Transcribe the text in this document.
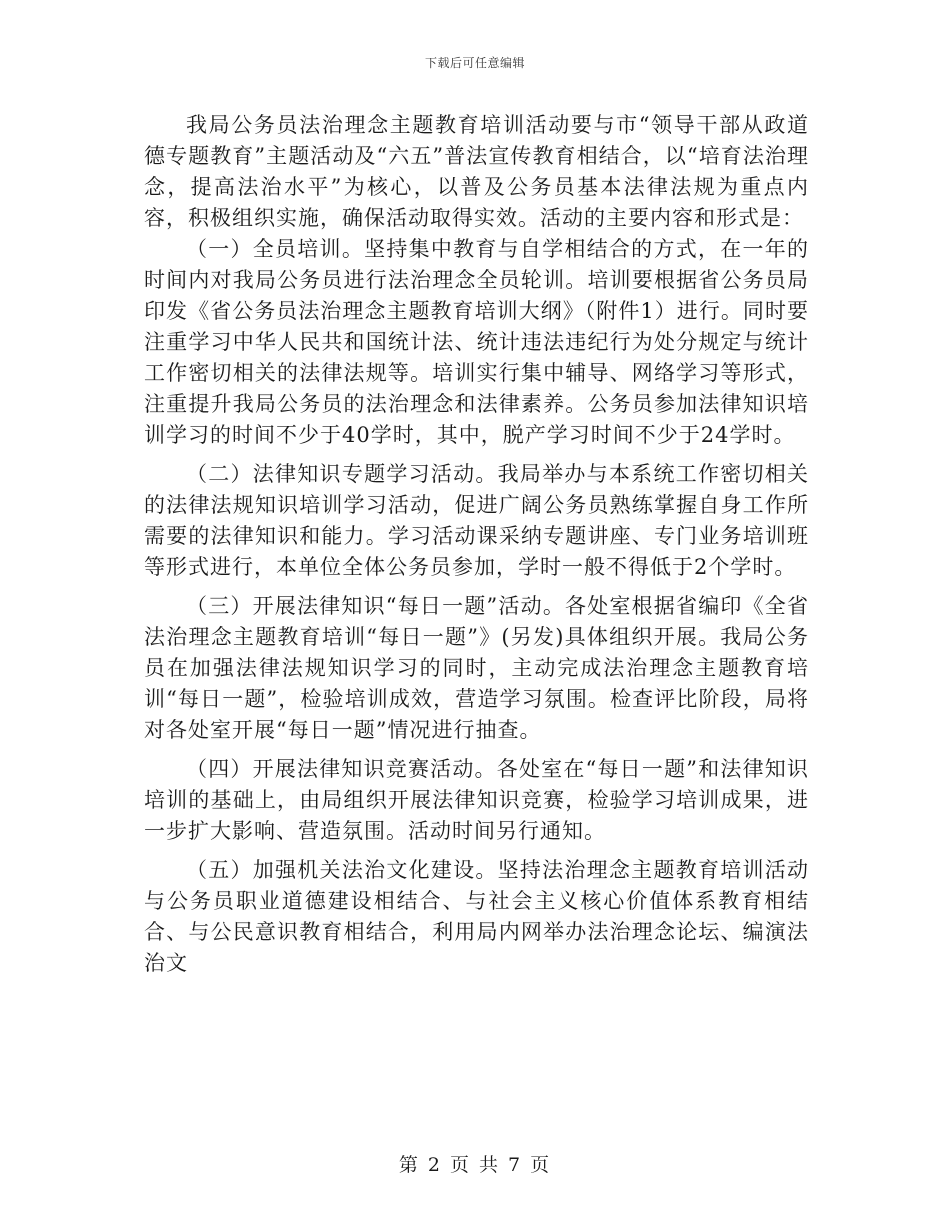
下载后可任意编辑

我局公务员法治理念主题教育培训活动要与市“领导干部从政道德专题教育”主题活动及“六五”普法宣传教育相结合，以“培育法治理念，提高法治水平”为核心，以普及公务员基本法律法规为重点内容，积极组织实施，确保活动取得实效。活动的主要内容和形式是：

（一）全员培训。坚持集中教育与自学相结合的方式，在一年的时间内对我局公务员进行法治理念全员轮训。培训要根据省公务员局印发《省公务员法治理念主题教育培训大纲》（附件1）进行。同时要注重学习中华人民共和国统计法、统计违法违纪行为处分规定与统计工作密切相关的法律法规等。培训实行集中辅导、网络学习等形式，注重提升我局公务员的法治理念和法律素养。公务员参加法律知识培训学习的时间不少于40学时，其中，脱产学习时间不少于24学时。

（二）法律知识专题学习活动。我局举办与本系统工作密切相关的法律法规知识培训学习活动，促进广阔公务员熟练掌握自身工作所需要的法律知识和能力。学习活动课采纳专题讲座、专门业务培训班等形式进行，本单位全体公务员参加，学时一般不得低于2个学时。

（三）开展法律知识“每日一题”活动。各处室根据省编印《全省法治理念主题教育培训“每日一题”》(另发)具体组织开展。我局公务员在加强法律法规知识学习的同时，主动完成法治理念主题教育培训“每日一题”，检验培训成效，营造学习氛围。检查评比阶段，局将对各处室开展“每日一题”情况进行抽查。

（四）开展法律知识竞赛活动。各处室在“每日一题”和法律知识培训的基础上，由局组织开展法律知识竞赛，检验学习培训成果，进一步扩大影响、营造氛围。活动时间另行通知。

（五）加强机关法治文化建设。坚持法治理念主题教育培训活动与公务员职业道德建设相结合、与社会主义核心价值体系教育相结合、与公民意识教育相结合，利用局内网举办法治理念论坛、编演法治文

第 2 页 共 7 页
